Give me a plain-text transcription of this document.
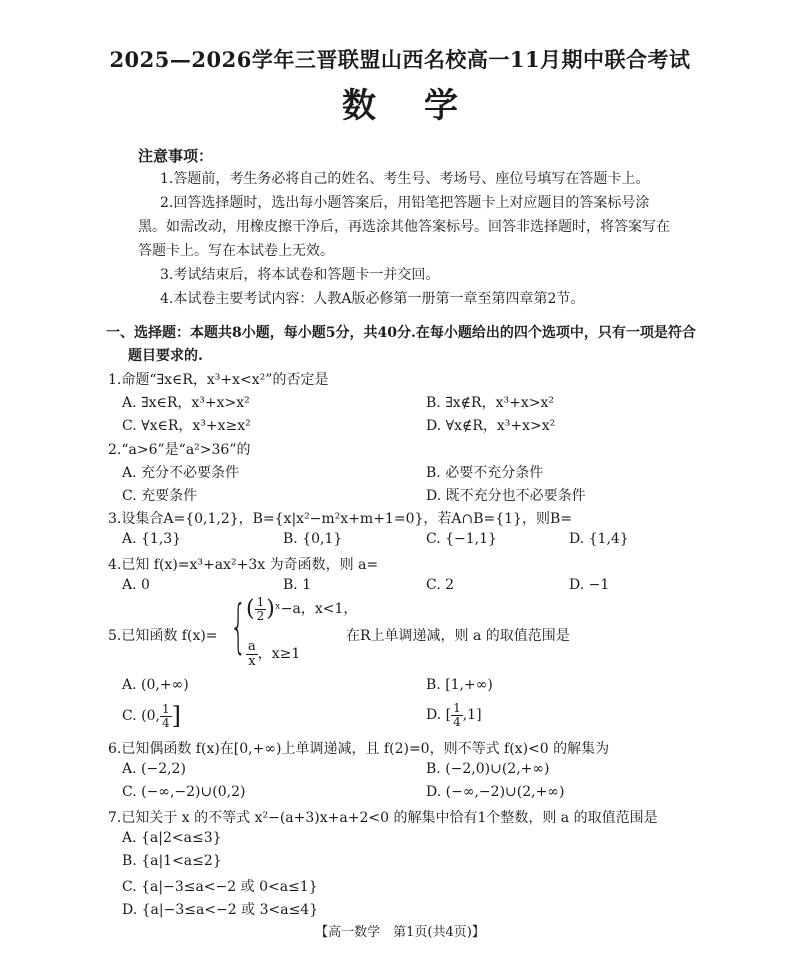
2025—2026学年三晋联盟山西名校高一11月期中联合考试
数学
注意事项：
1.答题前，考生务必将自己的姓名、考生号、考场号、座位号填写在答题卡上。
2.回答选择题时，选出每小题答案后，用铅笔把答题卡上对应题目的答案标号涂
黑。如需改动，用橡皮擦干净后，再选涂其他答案标号。回答非选择题时，将答案写在
答题卡上。写在本试卷上无效。
3.考试结束后，将本试卷和答题卡一并交回。
4.本试卷主要考试内容：人教A版必修第一册第一章至第四章第2节。
一、选择题：本题共8小题，每小题5分，共40分.在每小题给出的四个选项中，只有一项是符合
题目要求的.
1.命题“∃x∈R，x³+x<x²”的否定是
A. ∃x∈R，x³+x>x²	B. ∃x∉R，x³+x>x²
C. ∀x∈R，x³+x≥x²	D. ∀x∉R，x³+x>x²
2.“a>6”是“a²>36”的
A. 充分不必要条件	B. 必要不充分条件
C. 充要条件	D. 既不充分也不必要条件
3.设集合A={0,1,2}，B={x|x²−m²x+m+1=0}，若A∩B={1}，则B=
A. {1,3}	B. {0,1}	C. {−1,1}	D. {1,4}
4.已知 f(x)=x³+ax²+3x 为奇函数，则 a=
A. 0	B. 1	C. 2	D. −1
5.已知函数 f(x)= { ( $\frac{1}{2}$ )ˣ−a，x<1，
$\frac{a}{x}$ ，x≥1
在R上单调递减，则 a 的取值范围是
A. (0,+∞)	B. [1,+∞)
C. (0, $\frac{1}{4}$ ]	D. [ $\frac{1}{4} ,1$]
6.已知偶函数 f(x)在[0,+∞)上单调递减，且 f(2)=0，则不等式 f(x)<0 的解集为
A. (−2,2)	B. (−2,0)∪(2,+∞)
C. (−∞,−2)∪(0,2)	D. (−∞,−2)∪(2,+∞)
7.已知关于 x 的不等式 x²−(a+3)x+a+2<0 的解集中恰有1个整数，则 a 的取值范围是
A. {a|2<a≤3}
B. {a|1<a≤2}
C. {a|−3≤a<−2 或 0<a≤1}
D. {a|−3≤a<−2 或 3<a≤4}
【高一数学　第1页(共4页)】
